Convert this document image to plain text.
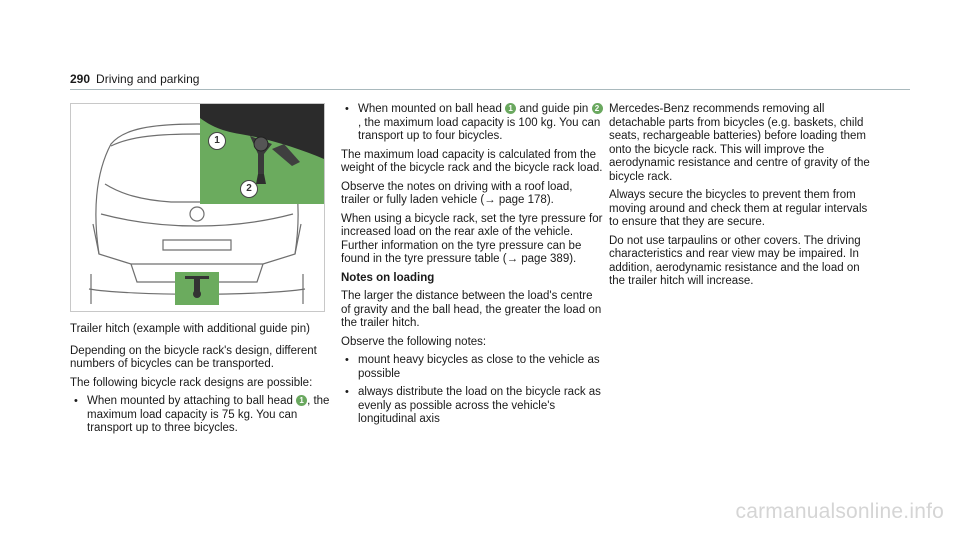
290 Driving and parking
1
2

Trailer hitch (example with additional guide pin)

Depending on the bicycle rack's design, different numbers of bicycles can be transported.

The following bicycle rack designs are possible:

• When mounted by attaching to ball head 1 , the maximum load capacity is 75 kg. You can transport up to three bicycles.
• When mounted on ball head 1 and guide pin 2, the maximum load capacity is 100 kg. You can transport up to four bicycles.

The maximum load capacity is calculated from the weight of the bicycle rack and the bicycle rack load.

Observe the notes on driving with a roof load, trailer or fully laden vehicle (→ page 178).

When using a bicycle rack, set the tyre pressure for increased load on the rear axle of the vehicle. Further information on the tyre pressure can be found in the tyre pressure table (→ page 389).

Notes on loading

The larger the distance between the load's centre of gravity and the ball head, the greater the load on the trailer hitch.

Observe the following notes:

• mount heavy bicycles as close to the vehicle as possible
• always distribute the load on the bicycle rack as evenly as possible across the vehicle's longitudinal axis

Mercedes-Benz recommends removing all detachable parts from bicycles (e.g. baskets, child seats, rechargeable batteries) before loading them onto the bicycle rack. This will improve the aerodynamic resistance and centre of gravity of the bicycle rack.

Always secure the bicycles to prevent them from moving around and check them at regular intervals to ensure that they are secure.

Do not use tarpaulins or other covers. The driving characteristics and rear view may be impaired. In addition, aerodynamic resistance and the load on the trailer hitch will increase.

carmanualsonline.info
